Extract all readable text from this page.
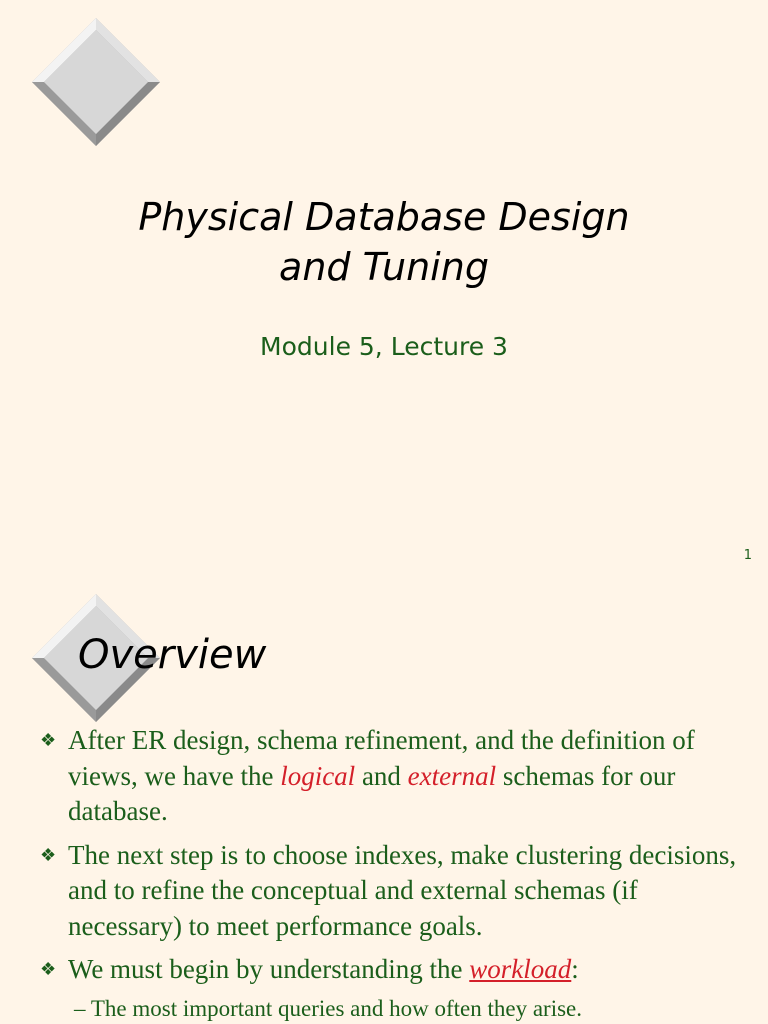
Physical Database Design
and Tuning
Module 5, Lecture 3
1
Overview
❖ After ER design, schema refinement, and the definition of views, we have the logical and external schemas for our database.
❖ The next step is to choose indexes, make clustering decisions, and to refine the conceptual and external schemas (if necessary) to meet performance goals.
❖ We must begin by understanding the workload:
– The most important queries and how often they arise.
